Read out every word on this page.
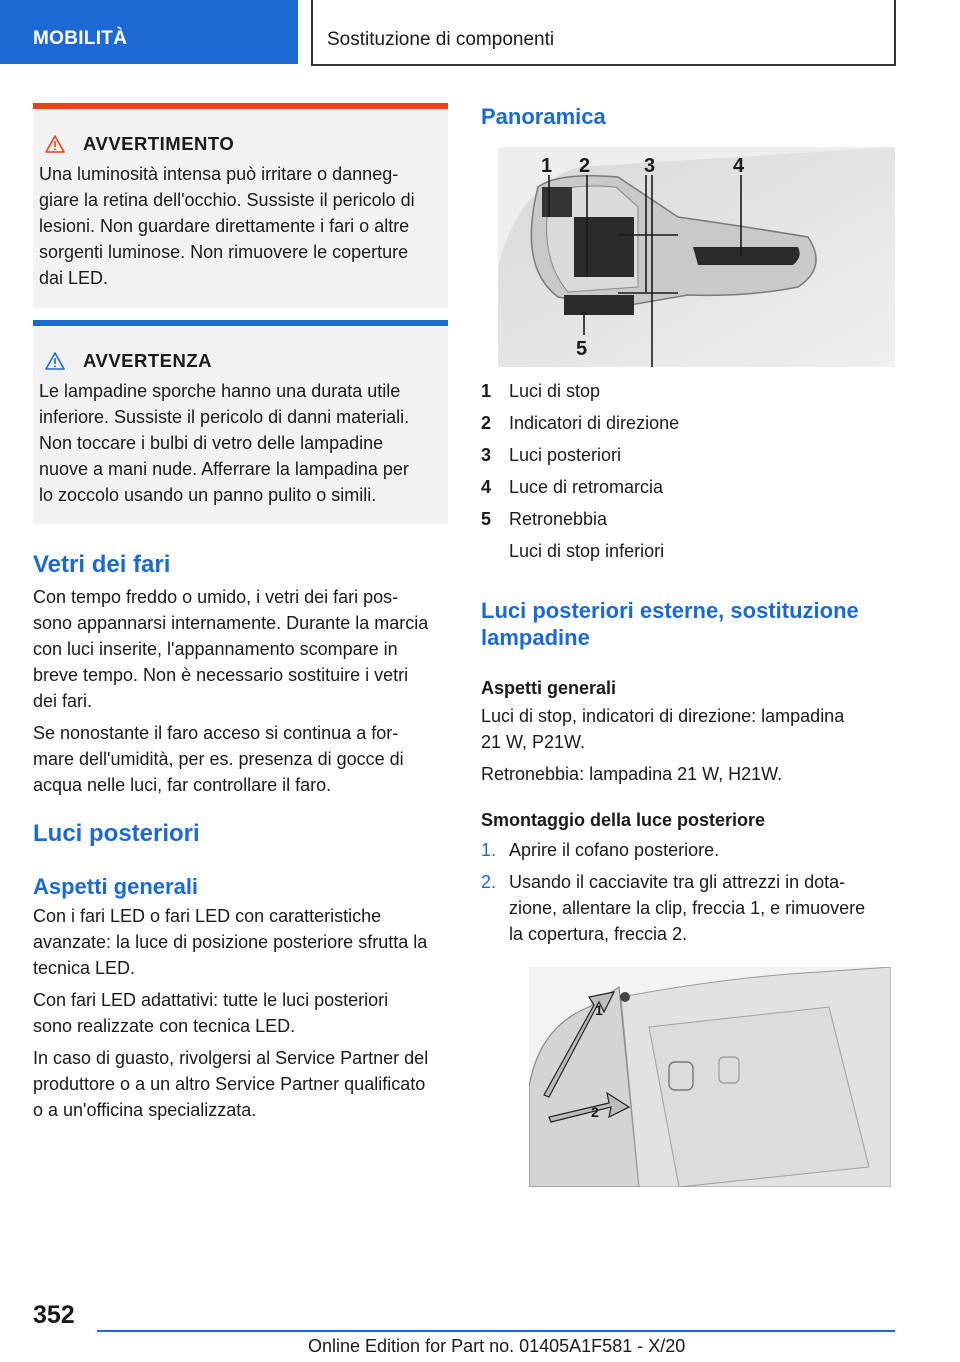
MOBILITÀ	Sostituzione di componenti
AVVERTIMENTO
Una luminosità intensa può irritare o danneg‐
giare la retina dell'occhio. Sussiste il pericolo di
lesioni. Non guardare direttamente i fari o altre
sorgenti luminose. Non rimuovere le coperture
dai LED.
AVVERTENZA
Le lampadine sporche hanno una durata utile
inferiore. Sussiste il pericolo di danni materiali.
Non toccare i bulbi di vetro delle lampadine
nuove a mani nude. Afferrare la lampadina per
lo zoccolo usando un panno pulito o simili.
Vetri dei fari

Con tempo freddo o umido, i vetri dei fari pos‐
sono appannarsi internamente. Durante la marcia
con luci inserite, l'appannamento scompare in
breve tempo. Non è necessario sostituire i vetri
dei fari.

Se nonostante il faro acceso si continua a for‐
mare dell'umidità, per es. presenza di gocce di
acqua nelle luci, far controllare il faro.

Luci posteriori
Aspetti generali

Con i fari LED o fari LED con caratteristiche
avanzate: la luce di posizione posteriore sfrutta la
tecnica LED.

Con fari LED adattativi: tutte le luci posteriori
sono realizzate con tecnica LED.

In caso di guasto, rivolgersi al Service Partner del
produttore o a un altro Service Partner qualificato
o a un'officina specializzata.

Panoramica
1 2	3	4
5
1 Luci di stop
2 Indicatori di direzione
3 Luci posteriori
4 Luce di retromarcia
5 Retronebbia
Luci di stop inferiori
Luci posteriori esterne, sostituzione
lampadine
Aspetti generali

Luci di stop, indicatori di direzione: lampadina
21 W, P21W.

Retronebbia: lampadina 21 W, H21W.

Smontaggio della luce posteriore
1. Aprire il cofano posteriore.
2. Usando il cacciavite tra gli attrezzi in dota‐
zione, allentare la clip, freccia 1, e rimuovere
la copertura, freccia 2.
1
2
352
Online Edition for Part no. 01405A1F581 - X/20
